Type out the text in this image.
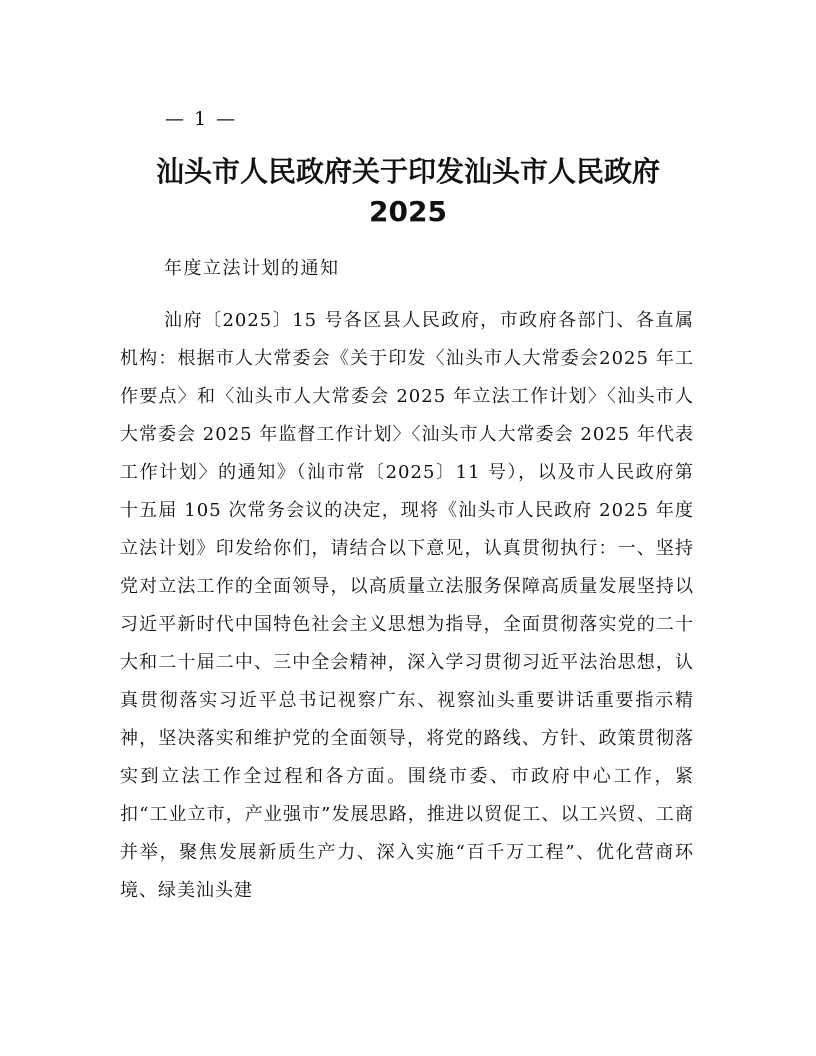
— 1 —
汕头市人民政府关于印发汕头市人民政府
2025
年度立法计划的通知

汕府〔2025〕15 号各区县人民政府，市政府各部门、各直属机构：根据市人大常委会《关于印发〈汕头市人大常委会2025 年工作要点〉和〈汕头市人大常委会 2025 年立法工作计划〉〈汕头市人大常委会 2025 年监督工作计划〉〈汕头市人大常委会 2025 年代表工作计划〉的通知》（汕市常〔2025〕11 号），以及市人民政府第十五届 105 次常务会议的决定，现将《汕头市人民政府 2025 年度立法计划》印发给你们，请结合以下意见，认真贯彻执行：一、坚持党对立法工作的全面领导，以高质量立法服务保障高质量发展坚持以习近平新时代中国特色社会主义思想为指导，全面贯彻落实党的二十大和二十届二中、三中全会精神，深入学习贯彻习近平法治思想，认真贯彻落实习近平总书记视察广东、视察汕头重要讲话重要指示精神，坚决落实和维护党的全面领导，将党的路线、方针、政策贯彻落实到立法工作全过程和各方面。围绕市委、市政府中心工作，紧扣“工业立市，产业强市”发展思路，推进以贸促工、以工兴贸、工商并举，聚焦发展新质生产力、深入实施“百千万工程”、优化营商环境、绿美汕头建
